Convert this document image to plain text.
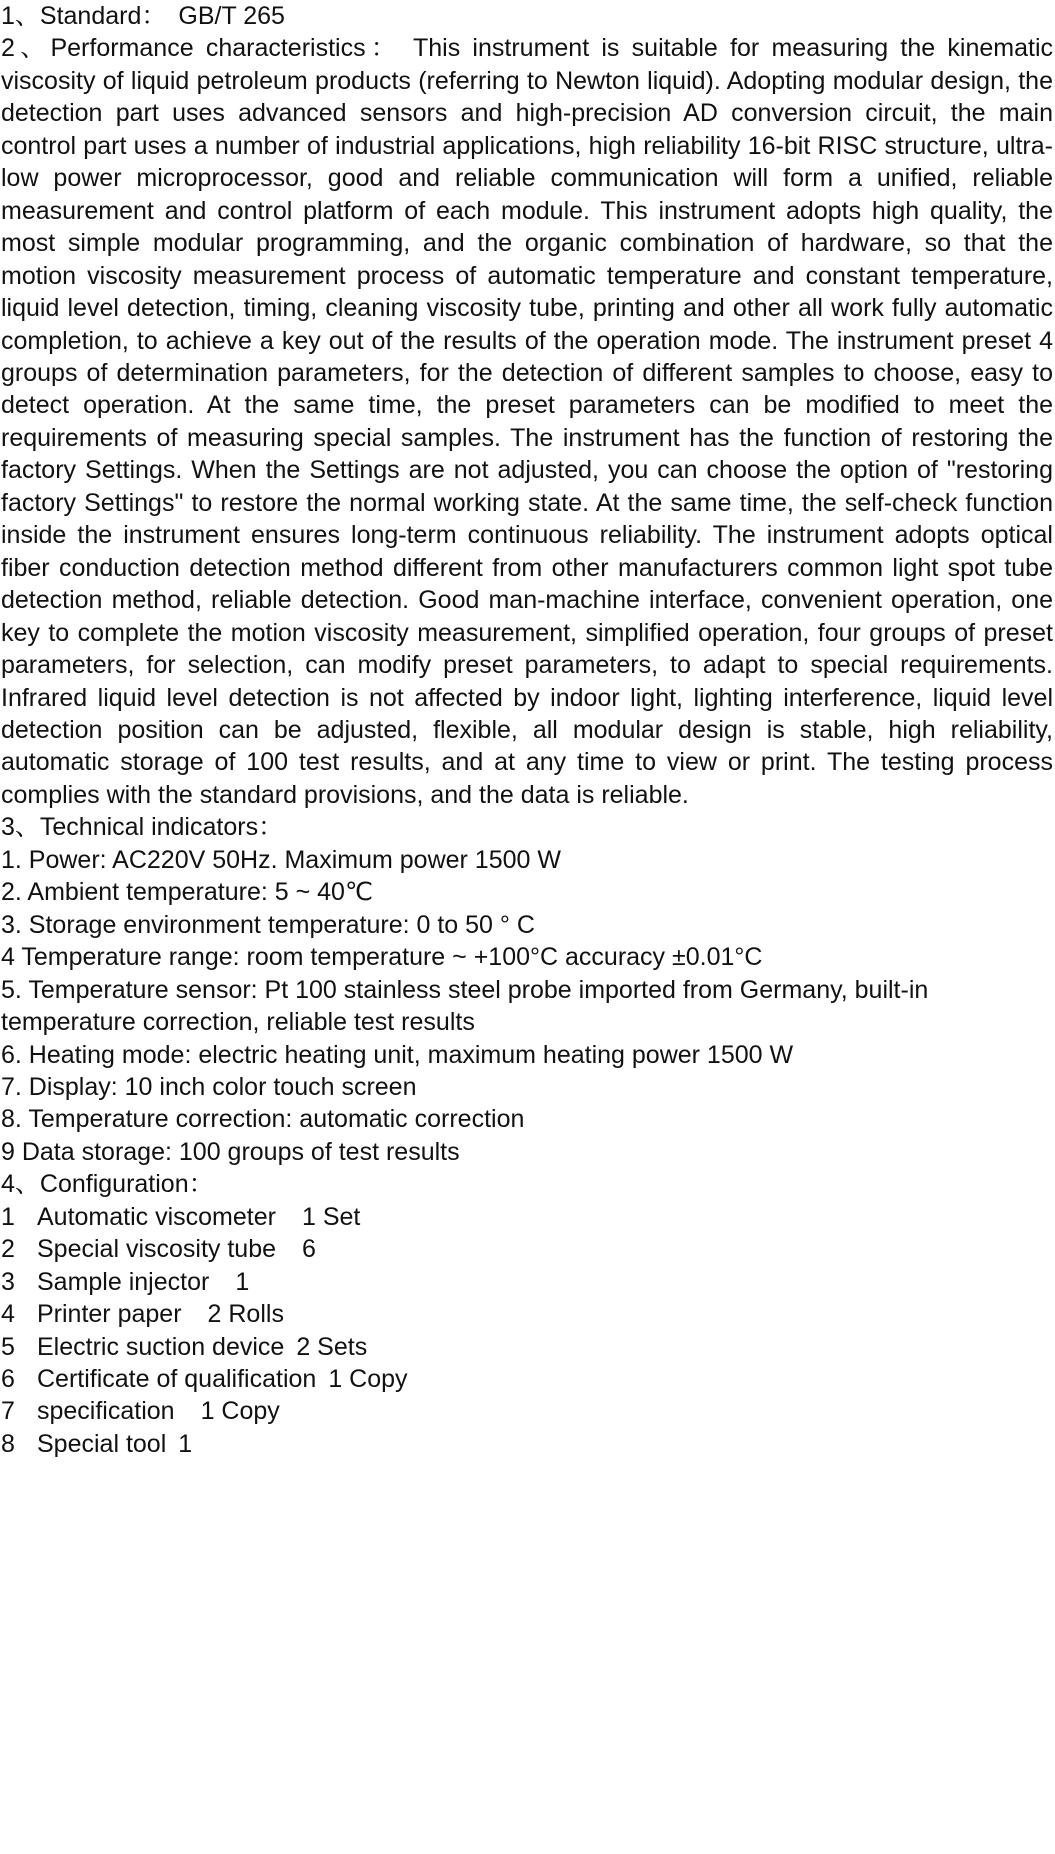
1、Standard： GB/T 265

2、Performance characteristics： This instrument is suitable for measuring the kinematic viscosity of liquid petroleum products (referring to Newton liquid). Adopting modular design, the detection part uses advanced sensors and high-precision AD conversion circuit, the main control part uses a number of industrial applications, high reliability 16-bit RISC structure, ultra-low power microprocessor, good and reliable communication will form a unified, reliable measurement and control platform of each module. This instrument adopts high quality, the most simple modular programming, and the organic combination of hardware, so that the motion viscosity measurement process of automatic temperature and constant temperature, liquid level detection, timing, cleaning viscosity tube, printing and other all work fully automatic completion, to achieve a key out of the results of the operation mode. The instrument preset 4 groups of determination parameters, for the detection of different samples to choose, easy to detect operation. At the same time, the preset parameters can be modified to meet the requirements of measuring special samples. The instrument has the function of restoring the factory Settings. When the Settings are not adjusted, you can choose the option of "restoring factory Settings" to restore the normal working state. At the same time, the self-check function inside the instrument ensures long-term continuous reliability. The instrument adopts optical fiber conduction detection method different from other manufacturers common light spot tube detection method, reliable detection. Good man-machine interface, convenient operation, one key to complete the motion viscosity measurement, simplified operation, four groups of preset parameters, for selection, can modify preset parameters, to adapt to special requirements. Infrared liquid level detection is not affected by indoor light, lighting interference, liquid level detection position can be adjusted, flexible, all modular design is stable, high reliability, automatic storage of 100 test results, and at any time to view or print. The testing process complies with the standard provisions, and the data is reliable.

3、Technical indicators：

1. Power: AC220V 50Hz. Maximum power 1500 W

2. Ambient temperature: 5 ~ 40℃

3. Storage environment temperature: 0 to 50 ° C

4 Temperature range: room temperature ~ +100°C accuracy ±0.01°C

5. Temperature sensor: Pt 100 stainless steel probe imported from Germany, built-in temperature correction, reliable test results

6. Heating mode: electric heating unit, maximum heating power 1500 W

7. Display: 10 inch color touch screen

8. Temperature correction: automatic correction

9 Data storage: 100 groups of test results

4、Configuration：

1 Automatic viscometer 1 Set

2 Special viscosity tube 6

3 Sample injector 1

4 Printer paper 2 Rolls

5 Electric suction device 2 Sets

6 Certificate of qualification 1 Copy

7 specification 1 Copy

8 Special tool 1
